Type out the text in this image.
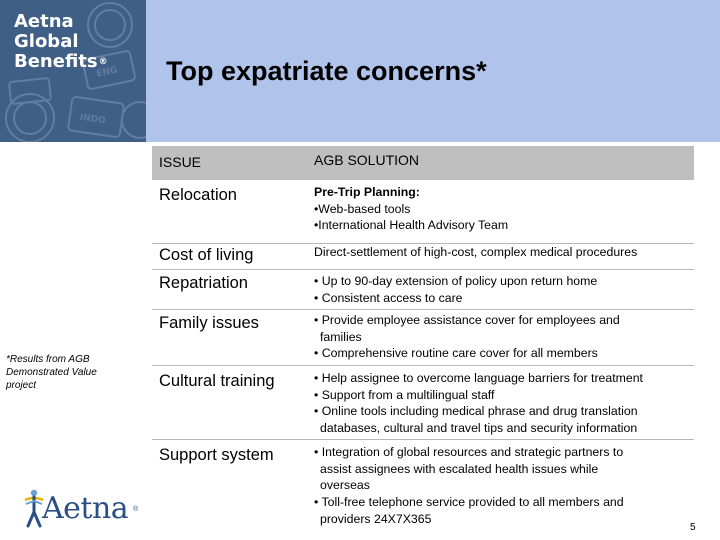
ENG
INDO
Aetna
Global
Benefits® Top expatriate concerns*
*Results from AGB Demonstrated Value project
ISSUE	AGB SOLUTION
Relocation	Pre-Trip Planning:
•Web-based tools
•International Health Advisory Team
Cost of living	Direct-settlement of high-cost, complex medical procedures
Repatriation	• Up to 90-day extension of policy upon return home
• Consistent access to care
Family issues	• Provide employee assistance cover for employees and
families
• Comprehensive routine care cover for all members
Cultural training	• Help assignee to overcome language barriers for treatment
• Support from a multilingual staff
• Online tools including medical phrase and drug translation
databases, cultural and travel tips and security information
Support system	• Integration of global resources and strategic partners to
assist assignees with escalated health issues while
overseas
• Toll-free telephone service provided to all members and
providers 24X7X365
Aetna ®
5
